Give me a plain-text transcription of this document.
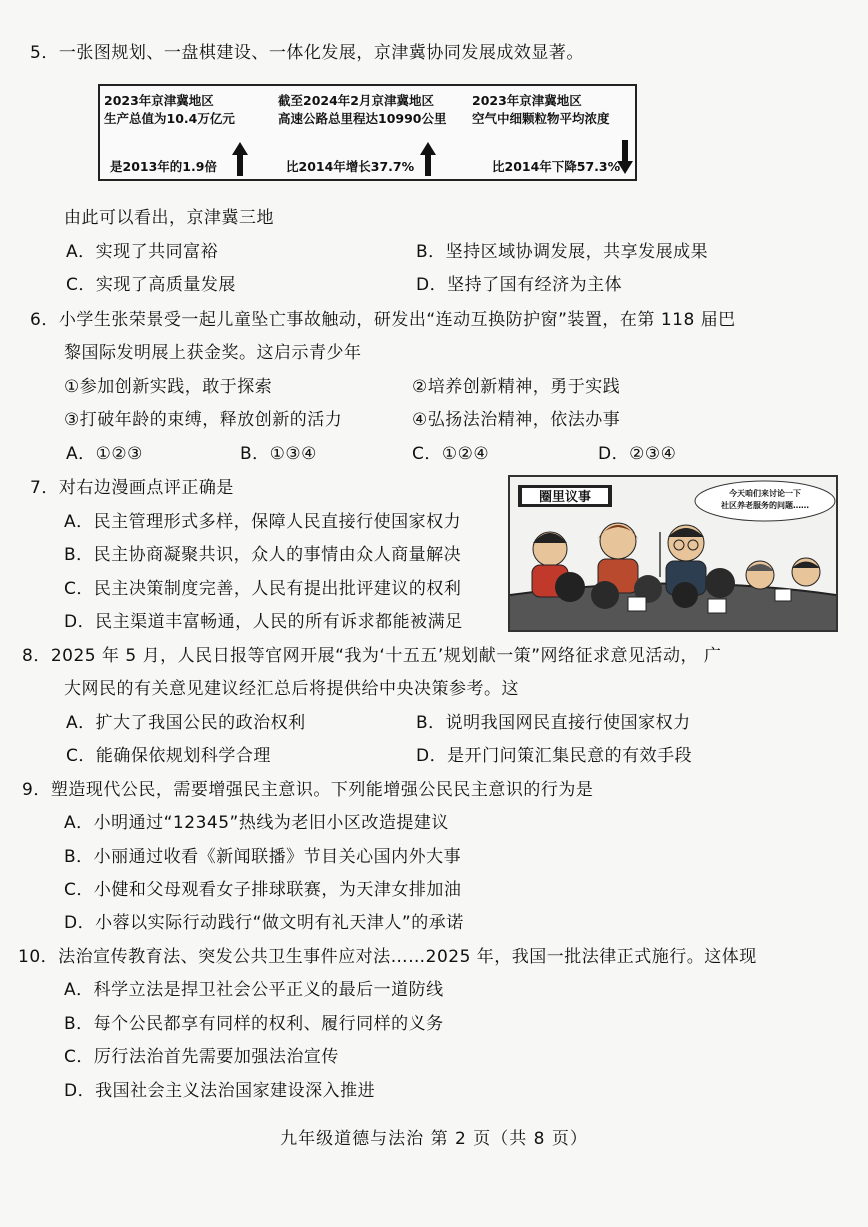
5．一张图规划、一盘棋建设、一体化发展，京津冀协同发展成效显著。
2023年京津冀地区
生产总值为10.4万亿元
是2013年的1.9倍
截至2024年2月京津冀地区
高速公路总里程达10990公里
比2014年增长37.7%
2023年京津冀地区
空气中细颗粒物平均浓度
比2014年下降57.3%
由此可以看出，京津冀三地
A．实现了共同富裕	B．坚持区域协调发展，共享发展成果
C．实现了高质量发展	D．坚持了国有经济为主体
6．小学生张荣景受一起儿童坠亡事故触动，研发出“连动互换防护窗”装置，在第 118 届巴
黎国际发明展上获金奖。这启示青少年
①参加创新实践，敢于探索	②培养创新精神，勇于实践
③打破年龄的束缚，释放创新的活力	④弘扬法治精神，依法办事
A．①②③	B．①③④	C．①②④	D．②③④
7．对右边漫画点评正确是
A．民主管理形式多样，保障人民直接行使国家权力
B．民主协商凝聚共识，众人的事情由众人商量解决
C．民主决策制度完善，人民有提出批评建议的权利
D．民主渠道丰富畅通，人民的所有诉求都能被满足
圈里议事	今天咱们来讨论一下
社区养老服务的问题……
8．2025 年 5 月，人民日报等官网开展“我为‘十五五’规划献一策”网络征求意见活动， 广
大网民的有关意见建议经汇总后将提供给中央决策参考。这
A．扩大了我国公民的政治权利	B．说明我国网民直接行使国家权力
C．能确保依规划科学合理	D．是开门问策汇集民意的有效手段
9．塑造现代公民，需要增强民主意识。下列能增强公民民主意识的行为是
A．小明通过“12345”热线为老旧小区改造提建议
B．小丽通过收看《新闻联播》节目关心国内外大事
C．小健和父母观看女子排球联赛，为天津女排加油
D．小蓉以实际行动践行“做文明有礼天津人”的承诺
10．法治宣传教育法、突发公共卫生事件应对法……2025 年，我国一批法律正式施行。这体现
A．科学立法是捍卫社会公平正义的最后一道防线
B．每个公民都享有同样的权利、履行同样的义务
C．厉行法治首先需要加强法治宣传
D．我国社会主义法治国家建设深入推进
九年级道德与法治 第 2 页（共 8 页）
